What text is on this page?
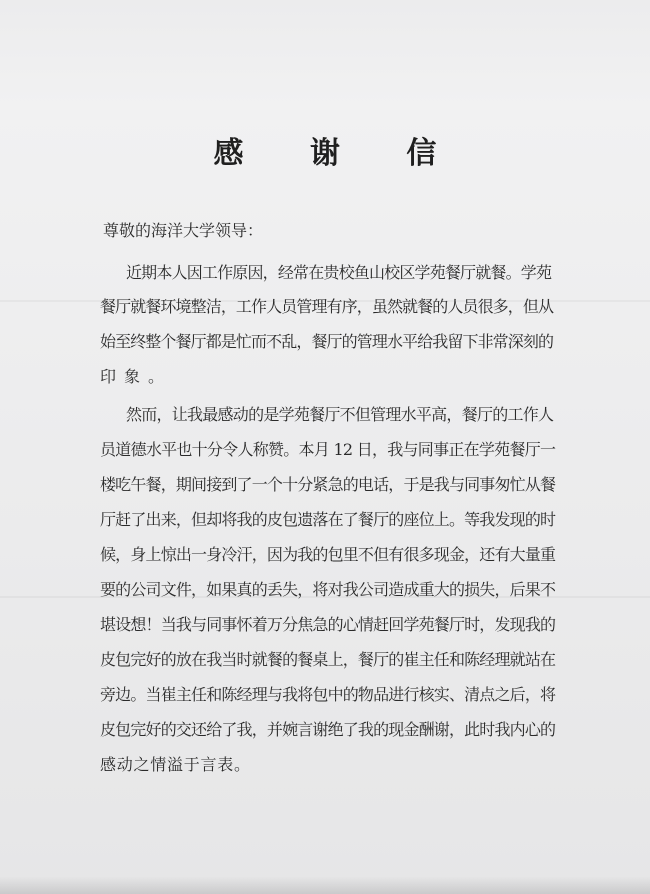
感 谢 信
尊敬的海洋大学领导：
近期本人因工作原因，经常在贵校鱼山校区学苑餐厅就餐。学苑
餐厅就餐环境整洁，工作人员管理有序，虽然就餐的人员很多，但从
始至终整个餐厅都是忙而不乱，餐厅的管理水平给我留下非常深刻的
印象。
然而，让我最感动的是学苑餐厅不但管理水平高，餐厅的工作人
员道德水平也十分令人称赞。本月 12 日，我与同事正在学苑餐厅一
楼吃午餐，期间接到了一个十分紧急的电话，于是我与同事匆忙从餐
厅赶了出来，但却将我的皮包遗落在了餐厅的座位上。等我发现的时
候，身上惊出一身冷汗，因为我的包里不但有很多现金，还有大量重
要的公司文件，如果真的丢失，将对我公司造成重大的损失，后果不
堪设想！当我与同事怀着万分焦急的心情赶回学苑餐厅时，发现我的
皮包完好的放在我当时就餐的餐桌上，餐厅的崔主任和陈经理就站在
旁边。当崔主任和陈经理与我将包中的物品进行核实、清点之后，将
皮包完好的交还给了我，并婉言谢绝了我的现金酬谢，此时我内心的
感动之情溢于言表。
